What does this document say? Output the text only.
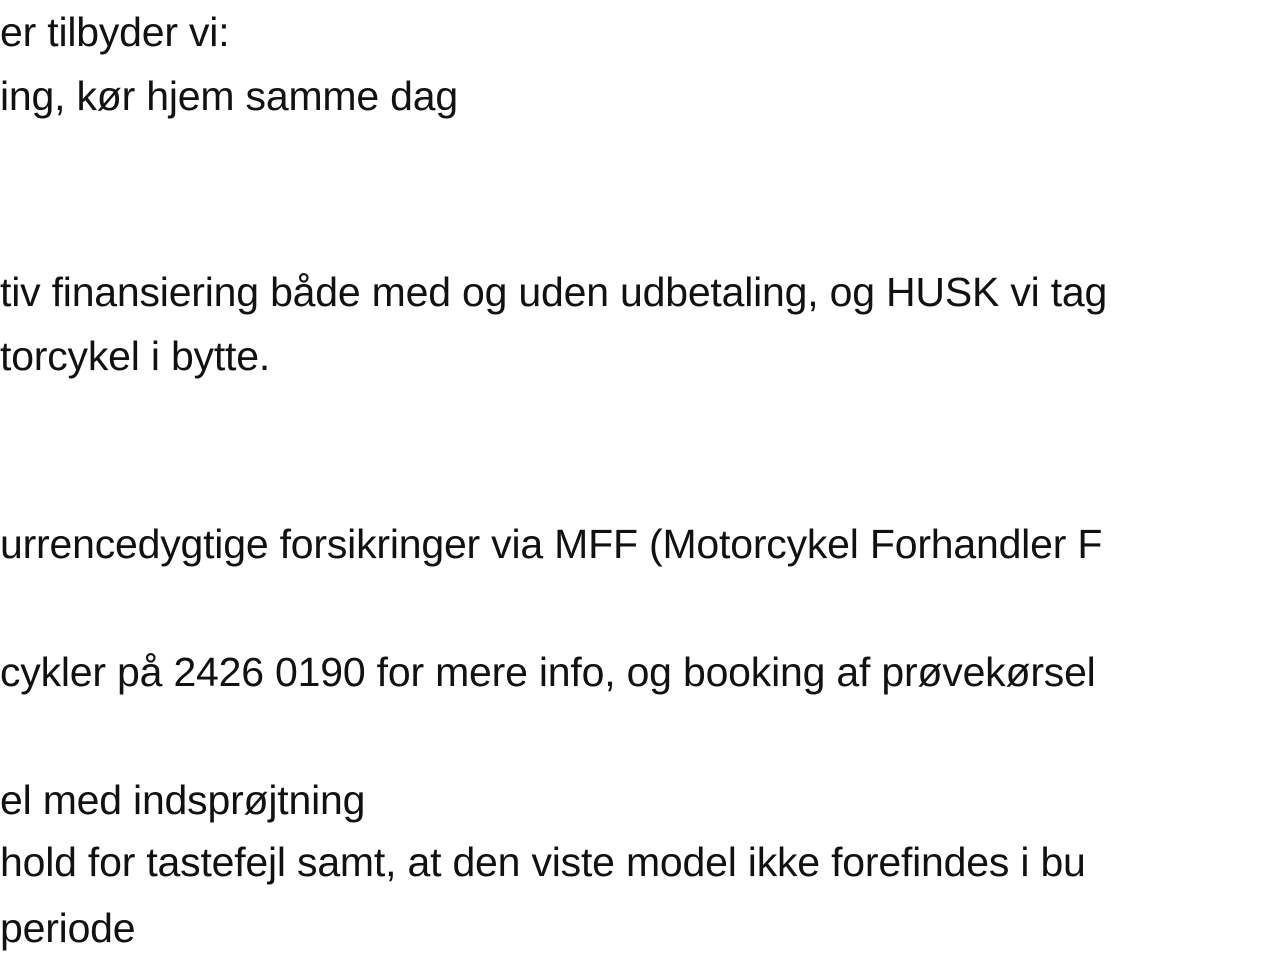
er tilbyder vi:
ing, kør hjem samme dag
tiv finansiering både med og uden udbetaling, og HUSK vi tag
torcykel i bytte.
urrencedygtige forsikringer via MFF (Motorcykel Forhandler F
cykler på 2426 0190 for mere info, og booking af prøvekørsel
el med indsprøjtning
hold for tastefejl samt, at den viste model ikke forefindes i bu
periode
